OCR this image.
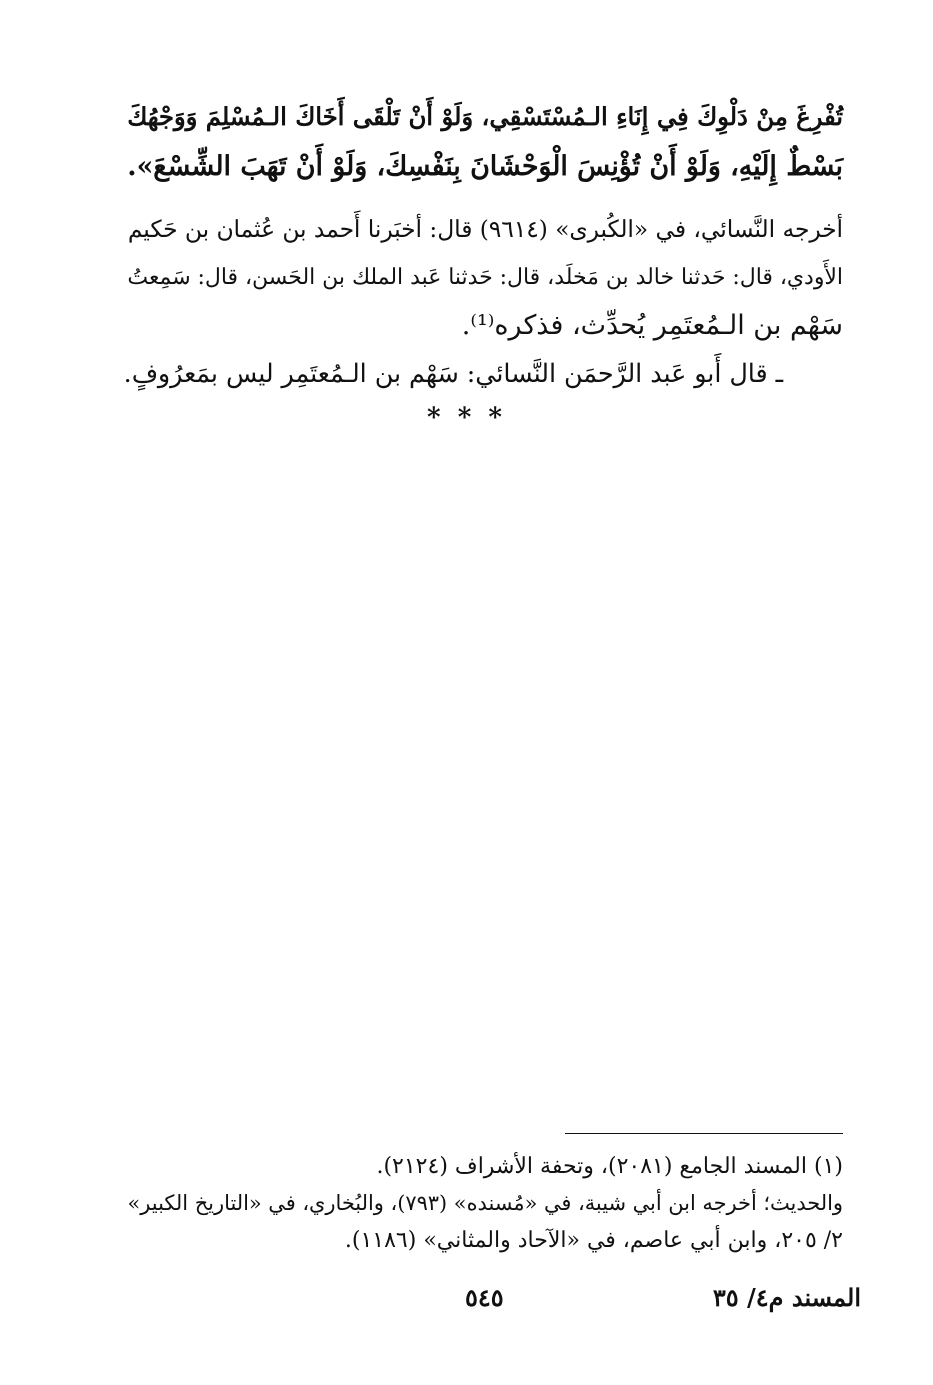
تُفْرِغَ مِنْ دَلْوِكَ فِي إِنَاءِ الـمُسْتَسْقِي، وَلَوْ أَنْ تَلْقَى أَخَاكَ الـمُسْلِمَ وَوَجْهُكَ
بَسْطٌ إِلَيْهِ، وَلَوْ أَنْ تُؤْنِسَ الْوَحْشَانَ بِنَفْسِكَ، وَلَوْ أَنْ تَهَبَ الشِّسْعَ».
أخرجه النَّسائي، في «الكُبرى» (٩٦١٤) قال: أخبَرنا أَحمد بن عُثمان بن حَكيم
الأَودي، قال: حَدثنا خالد بن مَخلَد، قال: حَدثنا عَبد الملك بن الحَسن، قال: سَمِعتُ
سَهْم بن الـمُعتَمِر يُحدِّث، فذكره⁽¹⁾.
ـ قال أَبو عَبد الرَّحمَن النَّسائي: سَهْم بن الـمُعتَمِر ليس بمَعرُوفٍ.
* * *
(١) المسند الجامع (٢٠٨١)، وتحفة الأشراف (٢١٢٤).
والحديث؛ أخرجه ابن أبي شيبة، في «مُسنده» (٧٩٣)، والبُخاري، في «التاريخ الكبير»
٢/ ٢٠٥، وابن أبي عاصم، في «الآحاد والمثاني» (١١٨٦).
٥٤٥	المسند م٤/ ٣٥
